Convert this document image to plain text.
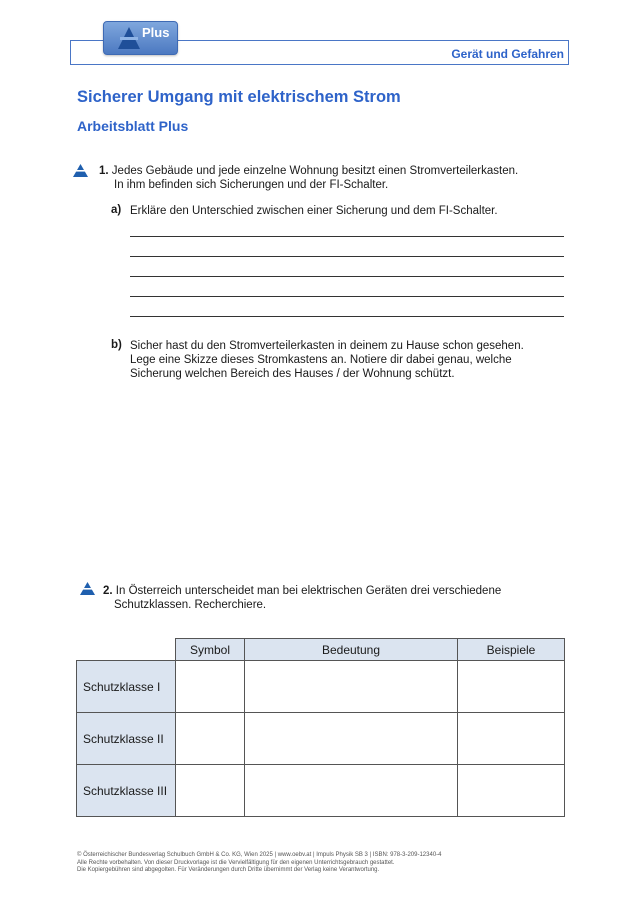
Plus
Gerät und Gefahren
Sicherer Umgang mit elektrischem Strom
Arbeitsblatt Plus
1. Jedes Gebäude und jede einzelne Wohnung besitzt einen Stromverteilerkasten.
In ihm befinden sich Sicherungen und der FI-Schalter.
a) Erkläre den Unterschied zwischen einer Sicherung und dem FI-Schalter.
b) Sicher hast du den Stromverteilerkasten in deinem zu Hause schon gesehen.
Lege eine Skizze dieses Stromkastens an. Notiere dir dabei genau, welche
Sicherung welchen Bereich des Hauses / der Wohnung schützt.
2. In Österreich unterscheidet man bei elektrischen Geräten drei verschiedene
Schutzklassen. Recherchiere.
	Symbol	Bedeutung	Beispiele
Schutzklasse I			
Schutzklasse II			
Schutzklasse III			
© Österreichischer Bundesverlag Schulbuch GmbH & Co. KG, Wien 2025 | www.oebv.at | Impuls Physik SB 3 | ISBN: 978-3-209-12340-4
Alle Rechte vorbehalten. Von dieser Druckvorlage ist die Vervielfältigung für den eigenen Unterrichtsgebrauch gestattet.
Die Kopiergebühren sind abgegolten. Für Veränderungen durch Dritte übernimmt der Verlag keine Verantwortung.
